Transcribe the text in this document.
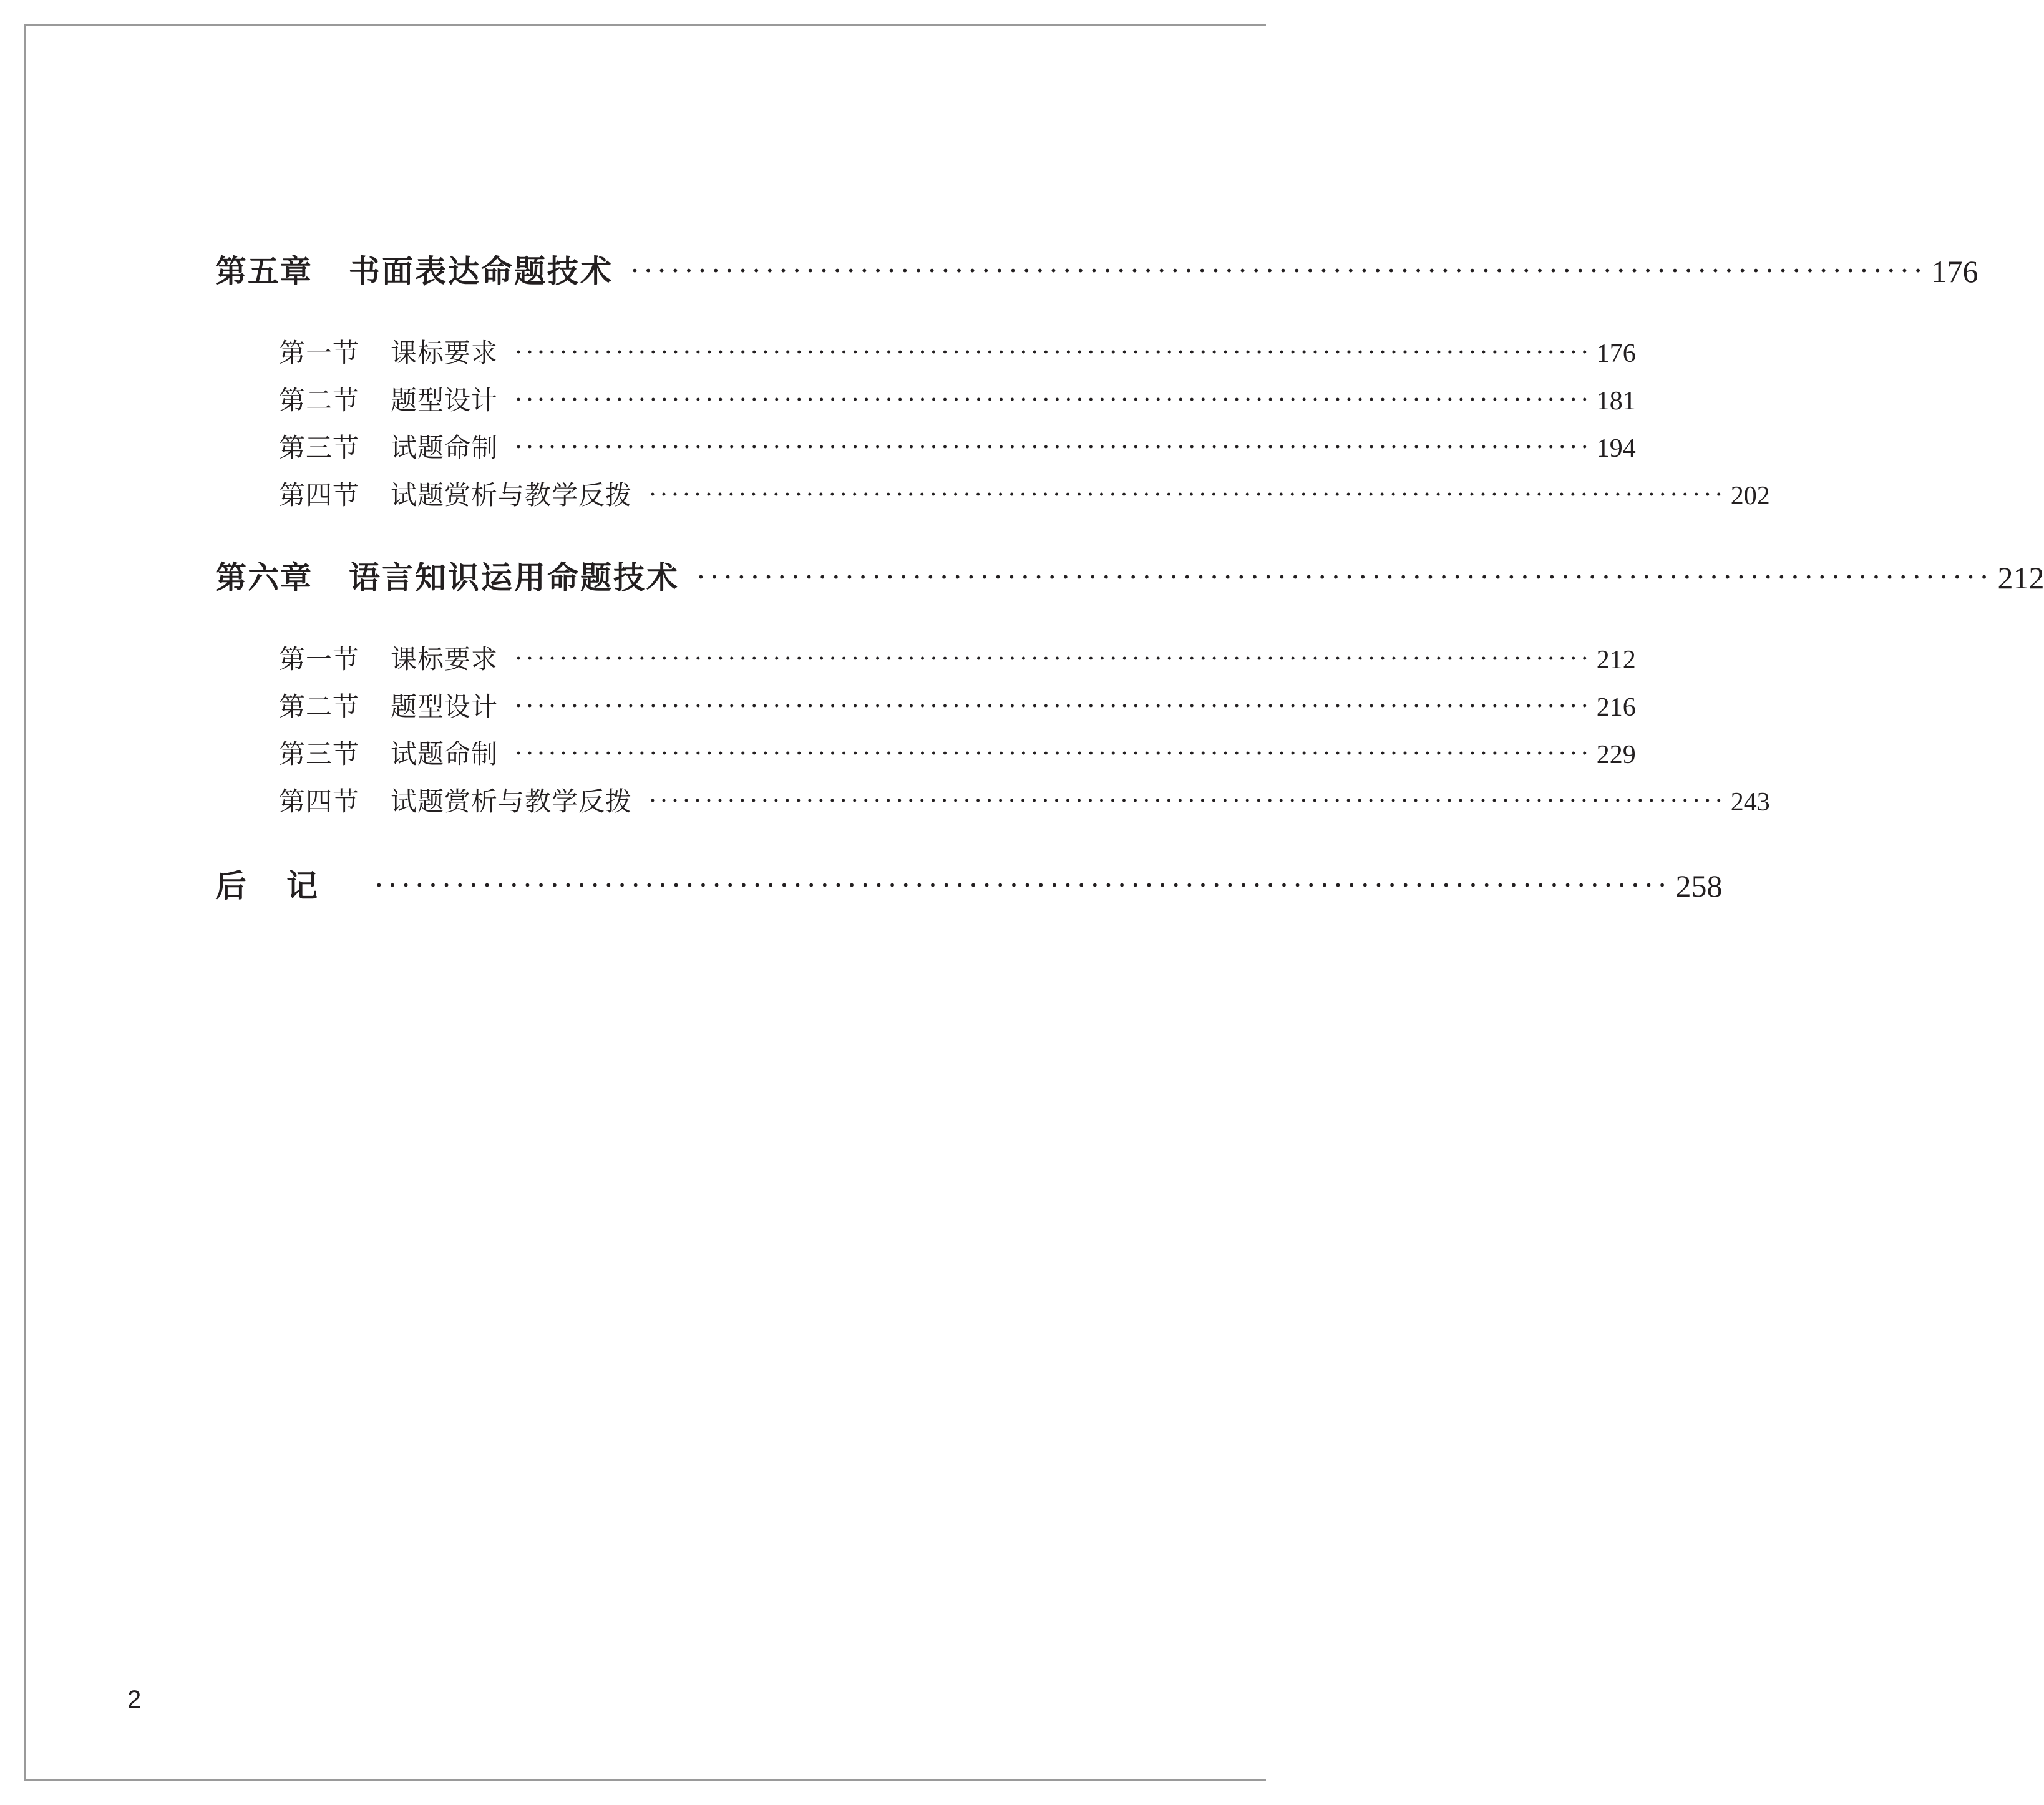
第五章 书面表达命题技术 ································································································ 176
第一节 课标要求 ································································································ 176
第二节 题型设计 ································································································ 181
第三节 试题命制 ································································································ 194
第四节 试题赏析与教学反拨 ································································································ 202
第六章 语言知识运用命题技术 ································································································ 212
第一节 课标要求 ································································································ 212
第二节 题型设计 ································································································ 216
第三节 试题命制 ································································································ 229
第四节 试题赏析与教学反拨 ································································································ 243
后记 ································································································ 258
2
